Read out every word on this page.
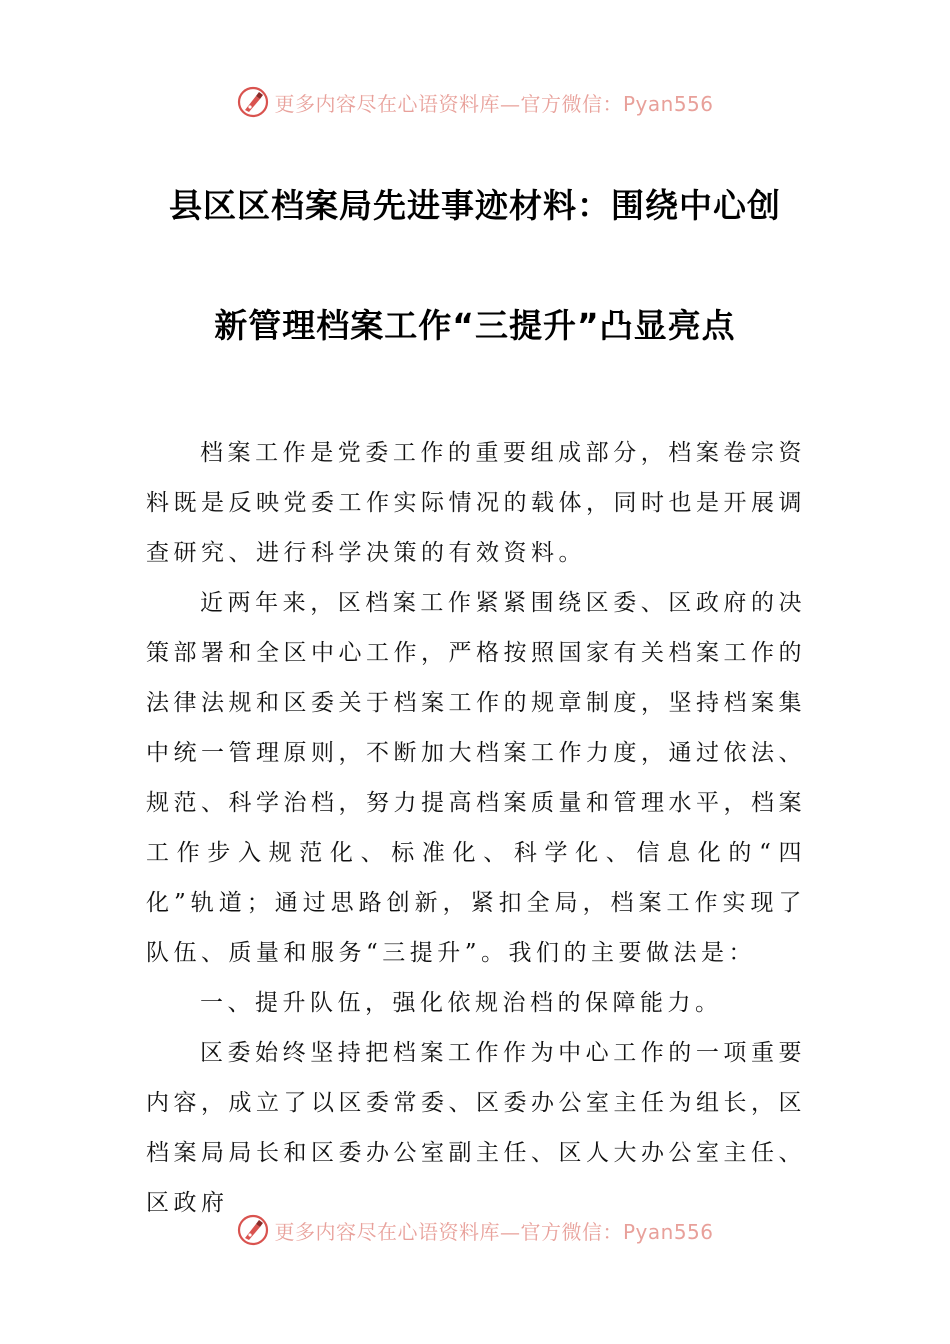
更多内容尽在心语资料库—官方微信：Pyan556
县区区档案局先进事迹材料：围绕中心创
新管理档案工作“三提升”凸显亮点

档案工作是党委工作的重要组成部分，档案卷宗资料既是反映党委工作实际情况的载体，同时也是开展调查研究、进行科学决策的有效资料。

近两年来，区档案工作紧紧围绕区委、区政府的决策部署和全区中心工作，严格按照国家有关档案工作的法律法规和区委关于档案工作的规章制度，坚持档案集中统一管理原则，不断加大档案工作力度，通过依法、规范、科学治档，努力提高档案质量和管理水平，档案工作步入规范化、标准化、科学化、信息化的“四化”轨道；通过思路创新，紧扣全局，档案工作实现了队伍、质量和服务“三提升”。我们的主要做法是：

一、提升队伍，强化依规治档的保障能力。

区委始终坚持把档案工作作为中心工作的一项重要内容，成立了以区委常委、区委办公室主任为组长，区档案局局长和区委办公室副主任、区人大办公室主任、区政府

更多内容尽在心语资料库—官方微信：Pyan556
